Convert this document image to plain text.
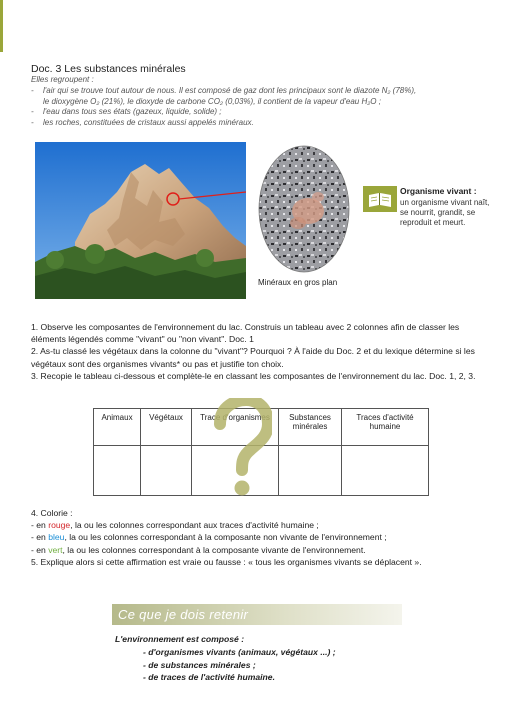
Doc. 3 Les substances minérales
Elles regroupent :
-	l'air qui se trouve tout autour de nous. Il est composé de gaz dont les principaux sont le diazote N₂ (78%),
le dioxygène O₂ (21%), le dioxyde de carbone CO₂ (0,03%), il contient de la vapeur d'eau H₂O ;
-	l'eau dans tous ses états (gazeux, liquide, solide) ;
-	les roches, constituées de cristaux aussi appelés minéraux.
Minéraux en gros plan
Organisme vivant :
un organisme vivant naît, se nourrit, grandit, se reproduit et meurt.

1. Observe les composantes de l'environnement du lac. Construis un tableau avec 2 colonnes afin de classer les éléments légendés comme "vivant" ou "non vivant". Doc. 1

2. As-tu classé les végétaux dans la colonne du "vivant"? Pourquoi ? À l'aide du Doc. 2 et du lexique détermine si les végétaux sont des organismes vivants* ou pas et justifie ton choix.

3. Recopie le tableau ci-dessous et complète-le en classant les composantes de l'environnement du lac. Doc. 1, 2, 3.

Animaux	Végétaux	Trace d'organismes	Substances minérales	Traces d'activité humaine

4. Colorie :

- en rouge, la ou les colonnes correspondant aux traces d'activité humaine ;

- en bleu, la ou les colonnes correspondant à la composante non vivante de l'environnement ;

- en vert, la ou les colonnes correspondant à la composante vivante de l'environnement.

5. Explique alors si cette affirmation est vraie ou fausse : « tous les organismes vivants se déplacent ».

Ce que je dois retenir
L'environnement est composé :
- d'organismes vivants (animaux, végétaux ...) ;
- de substances minérales ;
- de traces de l'activité humaine.
